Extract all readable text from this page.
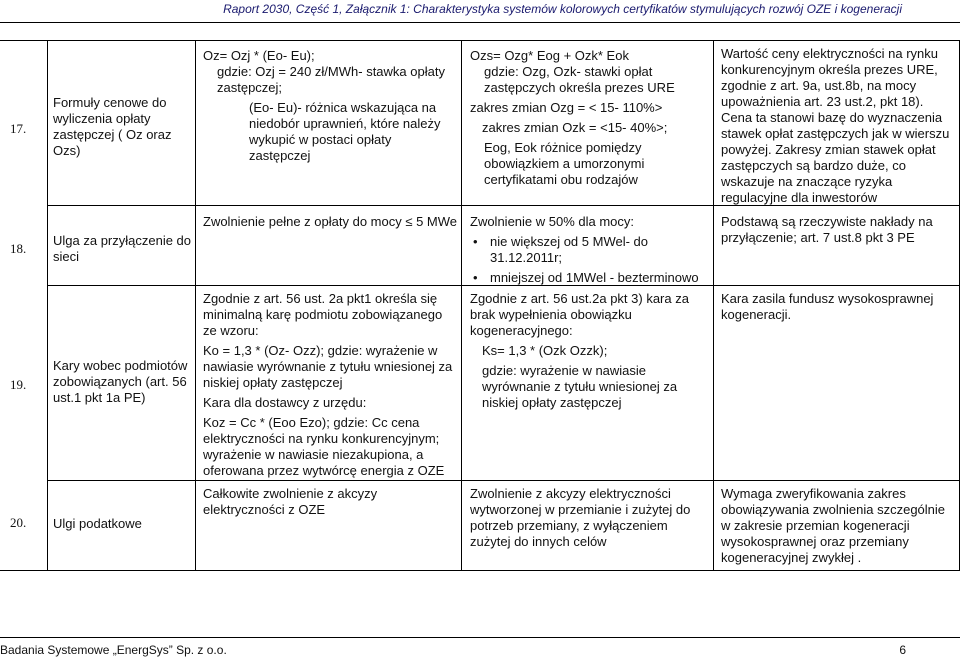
Raport 2030, Część 1, Załącznik 1: Charakterystyka systemów kolorowych certyfikatów stymulujących rozwój OZE i kogeneracji
17.
18.
19.
20.
Formuły cenowe do wyliczenia opłaty zastępczej ( Oz oraz Ozs)
Ulga za przyłączenie do sieci
Kary wobec podmiotów zobowiązanych (art. 56 ust.1 pkt 1a PE)
Ulgi podatkowe

Oz= Ozj * (Eo- Eu);

gdzie: Ozj = 240 zł/MWh- stawka opłaty zastępczej;

(Eo- Eu)- różnica wskazująca na niedobór uprawnień, które należy wykupić w postaci opłaty zastępczej

Ozs= Ozg* Eog + Ozk* Eok

gdzie: Ozg, Ozk- stawki opłat zastępczych określa prezes URE

zakres zmian Ozg = < 15- 110%>

zakres zmian Ozk = <15- 40%>;

Eog, Eok różnice pomiędzy obowiązkiem a umorzonymi certyfikatami obu rodzajów

Wartość ceny elektryczności na rynku konkurencyjnym określa prezes URE, zgodnie z art. 9a, ust.8b, na mocy upoważnienia art. 23 ust.2, pkt 18).

Cena ta stanowi bazę do wyznaczenia stawek opłat zastępczych jak w wierszu powyżej. Zakresy zmian stawek opłat zastępczych są bardzo duże, co wskazuje na znaczące ryzyka regulacyjne dla inwestorów

Zwolnienie pełne z opłaty do mocy ≤ 5 MWe Zwolnienie w 50% dla mocy:

• nie większej od 5 MWel- do 31.12.2011r;
• mniejszej od 1MWel - bezterminowo
Podstawą są rzeczywiste nakłady na przyłączenie; art. 7 ust.8 pkt 3 PE

Zgodnie z art. 56 ust. 2a pkt1 określa się minimalną karę podmiotu zobowiązanego ze wzoru:

Ko = 1,3 * (Oz- Ozz); gdzie: wyrażenie w nawiasie wyrównanie z tytułu wniesionej za niskiej opłaty zastępczej

Kara dla dostawcy z urzędu:

Koz = Cc * (Eoo Ezo); gdzie: Cc cena elektryczności na rynku konkurencyjnym; wyrażenie w nawiasie niezakupiona, a oferowana przez wytwórcę energia z OZE

Zgodnie z art. 56 ust.2a pkt 3) kara za brak wypełnienia obowiązku kogeneracyjnego:

Ks= 1,3 * (Ozk Ozzk);

gdzie: wyrażenie w nawiasie wyrównanie z tytułu wniesionej za niskiej opłaty zastępczej

Kara zasila fundusz wysokosprawnej kogeneracji.
Całkowite zwolnienie z akcyzy elektryczności z OZE
Zwolnienie z akcyzy elektryczności wytworzonej w przemianie i zużytej do potrzeb przemiany, z wyłączeniem zużytej do innych celów
Wymaga zweryfikowania zakres obowiązywania zwolnienia szczególnie w zakresie przemian kogeneracji wysokosprawnej oraz przemiany kogeneracyjnej zwykłej .
Badania Systemowe „EnergSys” Sp. z o.o.	6
